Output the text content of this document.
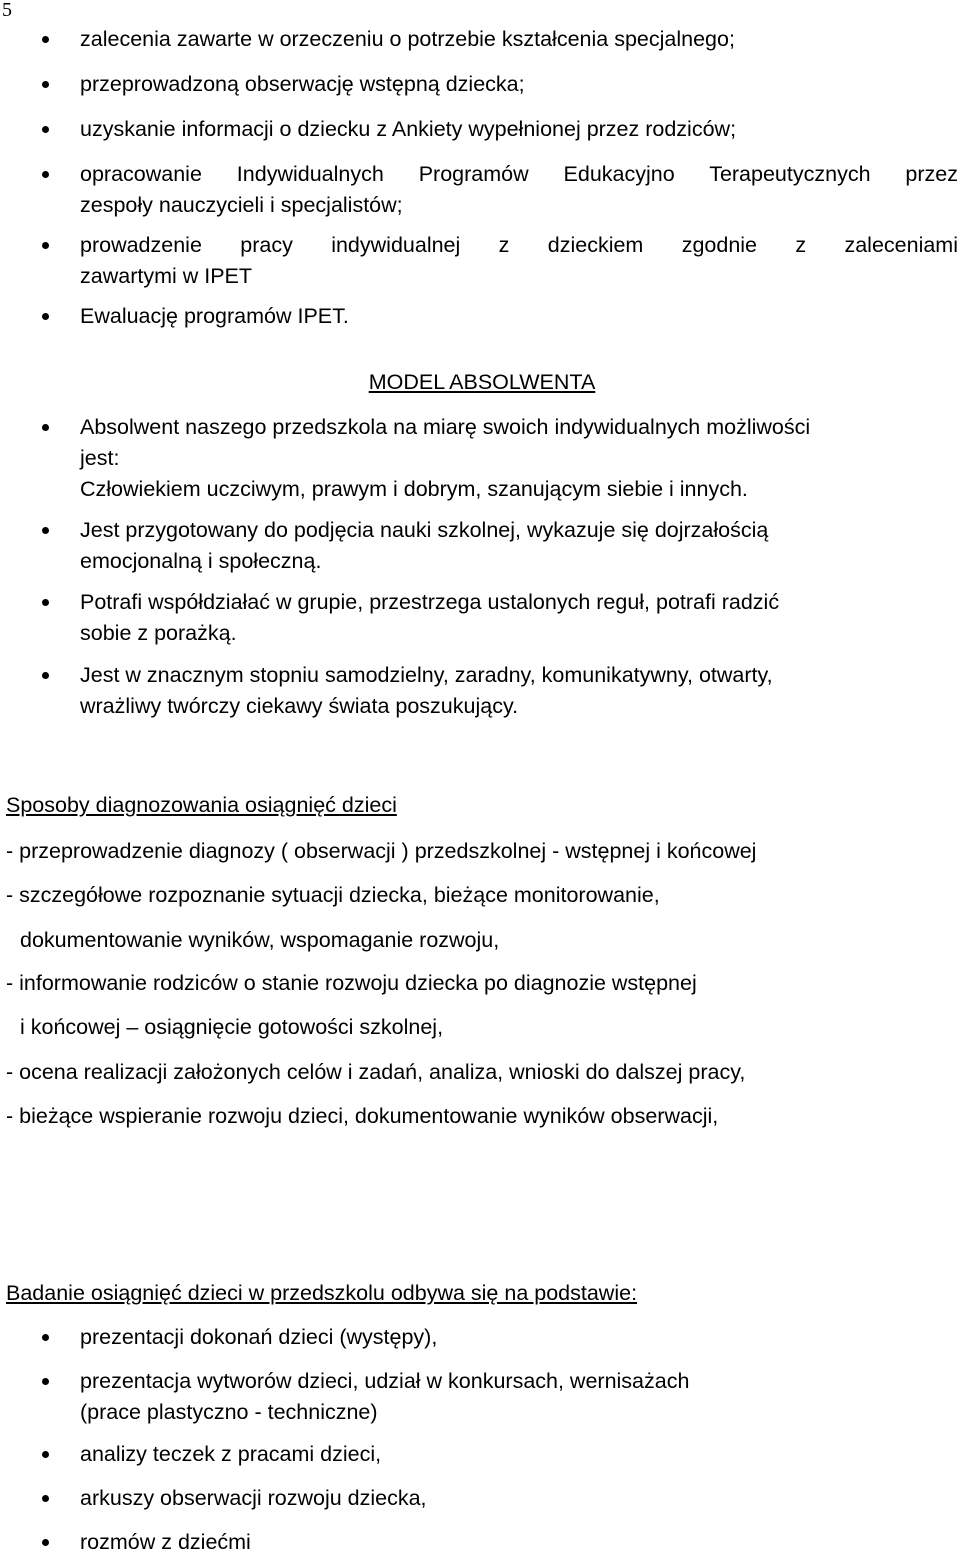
5
zalecenia zawarte w orzeczeniu o potrzebie kształcenia specjalnego;
przeprowadzoną obserwację wstępną dziecka;
uzyskanie informacji o dziecku z Ankiety wypełnionej przez rodziców;
opracowanie Indywidualnych Programów Edukacyjno Terapeutycznych przez
zespoły nauczycieli i specjalistów;
prowadzenie pracy indywidualnej z dzieckiem zgodnie z zaleceniami
zawartymi w IPET
Ewaluację programów IPET.
MODEL ABSOLWENTA
Absolwent naszego przedszkola na miarę swoich indywidualnych możliwości
jest:
Człowiekiem uczciwym, prawym i dobrym, szanującym siebie i innych.
Jest przygotowany do podjęcia nauki szkolnej, wykazuje się dojrzałością
emocjonalną i społeczną.
Potrafi współdziałać w grupie, przestrzega ustalonych reguł, potrafi radzić
sobie z porażką.
Jest w znacznym stopniu samodzielny, zaradny, komunikatywny, otwarty,
wrażliwy twórczy ciekawy świata poszukujący.
Sposoby diagnozowania osiągnięć dzieci
- przeprowadzenie diagnozy ( obserwacji ) przedszkolnej - wstępnej i końcowej
- szczegółowe rozpoznanie sytuacji dziecka, bieżące monitorowanie,
dokumentowanie wyników, wspomaganie rozwoju,
- informowanie rodziców o stanie rozwoju dziecka po diagnozie wstępnej
i końcowej – osiągnięcie gotowości szkolnej,
- ocena realizacji założonych celów i zadań, analiza, wnioski do dalszej pracy,
- bieżące wspieranie rozwoju dzieci, dokumentowanie wyników obserwacji,
Badanie osiągnięć dzieci w przedszkolu odbywa się na podstawie:
prezentacji dokonań dzieci (występy),
prezentacja wytworów dzieci, udział w konkursach, wernisażach
(prace plastyczno - techniczne)
analizy teczek z pracami dzieci,
arkuszy obserwacji rozwoju dziecka,
rozmów z dziećmi
